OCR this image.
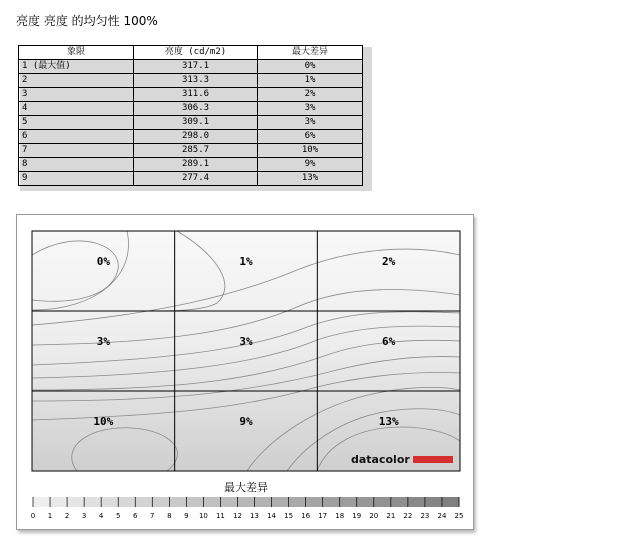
亮度 亮度 的均匀性 100%
象限	亮度 (cd/m2)	最大差异
1 (最大值)	317.1	0%
2	313.3	1%
3	311.6	2%
4	306.3	3%
5	309.1	3%
6	298.0	6%
7	285.7	10%
8	289.1	9%
9	277.4	13%
0%	1%	2%
3%	3%	6%
10%	9%	13%
datacolor
最大差异
0 1 2 3 4 5 6 7 8 9 10 11 12 13 14 15 16 17 18 19 20 21 22 23 24 25
